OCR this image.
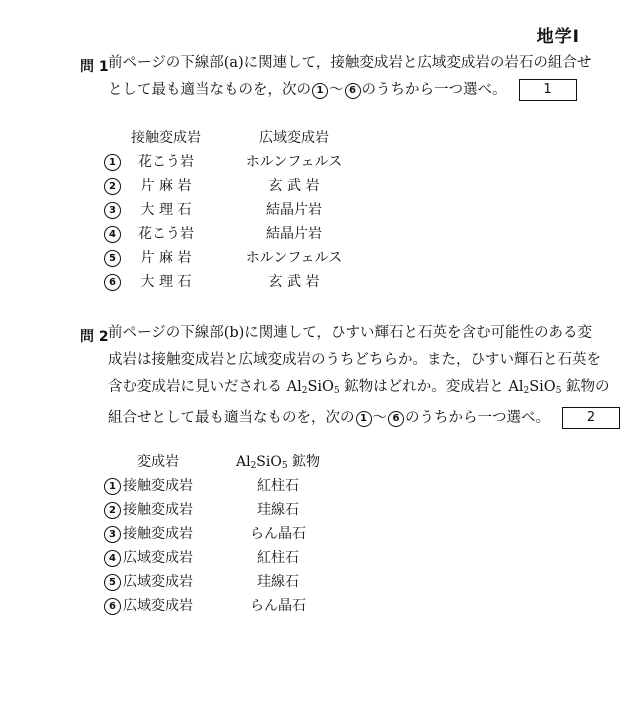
地学Ⅰ
問 1 前ページの下線部(a)に関連して，接触変成岩と広域変成岩の岩石の組合せ
として最も適当なものを，次の 1 ～ 6 のうちから一つ選べ。	1
接触変成岩	広域変成岩
1	花こう岩	ホルンフェルス
2	片 麻 岩	玄 武 岩
3	大 理 石	結晶片岩
4	花こう岩	結晶片岩
5	片 麻 岩	ホルンフェルス
6	大 理 石	玄 武 岩
問 2 前ページの下線部(b)に関連して，ひすい輝石と石英を含む可能性のある変
成岩は接触変成岩と広域変成岩のうちどちらか。また，ひすい輝石と石英を
含む変成岩に見いだされる $Al_2SiO_5$ 鉱物はどれか。変成岩と $Al_2SiO_5$ 鉱物の
組合せとして最も適当なものを，次の 1 ～ 6 のうちから一つ選べ。	2
変成岩	$Al_2SiO_5$ 鉱物
1 接触変成岩	紅柱石
2 接触変成岩	珪線石
3 接触変成岩	らん晶石
4 広域変成岩	紅柱石
5 広域変成岩	珪線石
6 広域変成岩	らん晶石
